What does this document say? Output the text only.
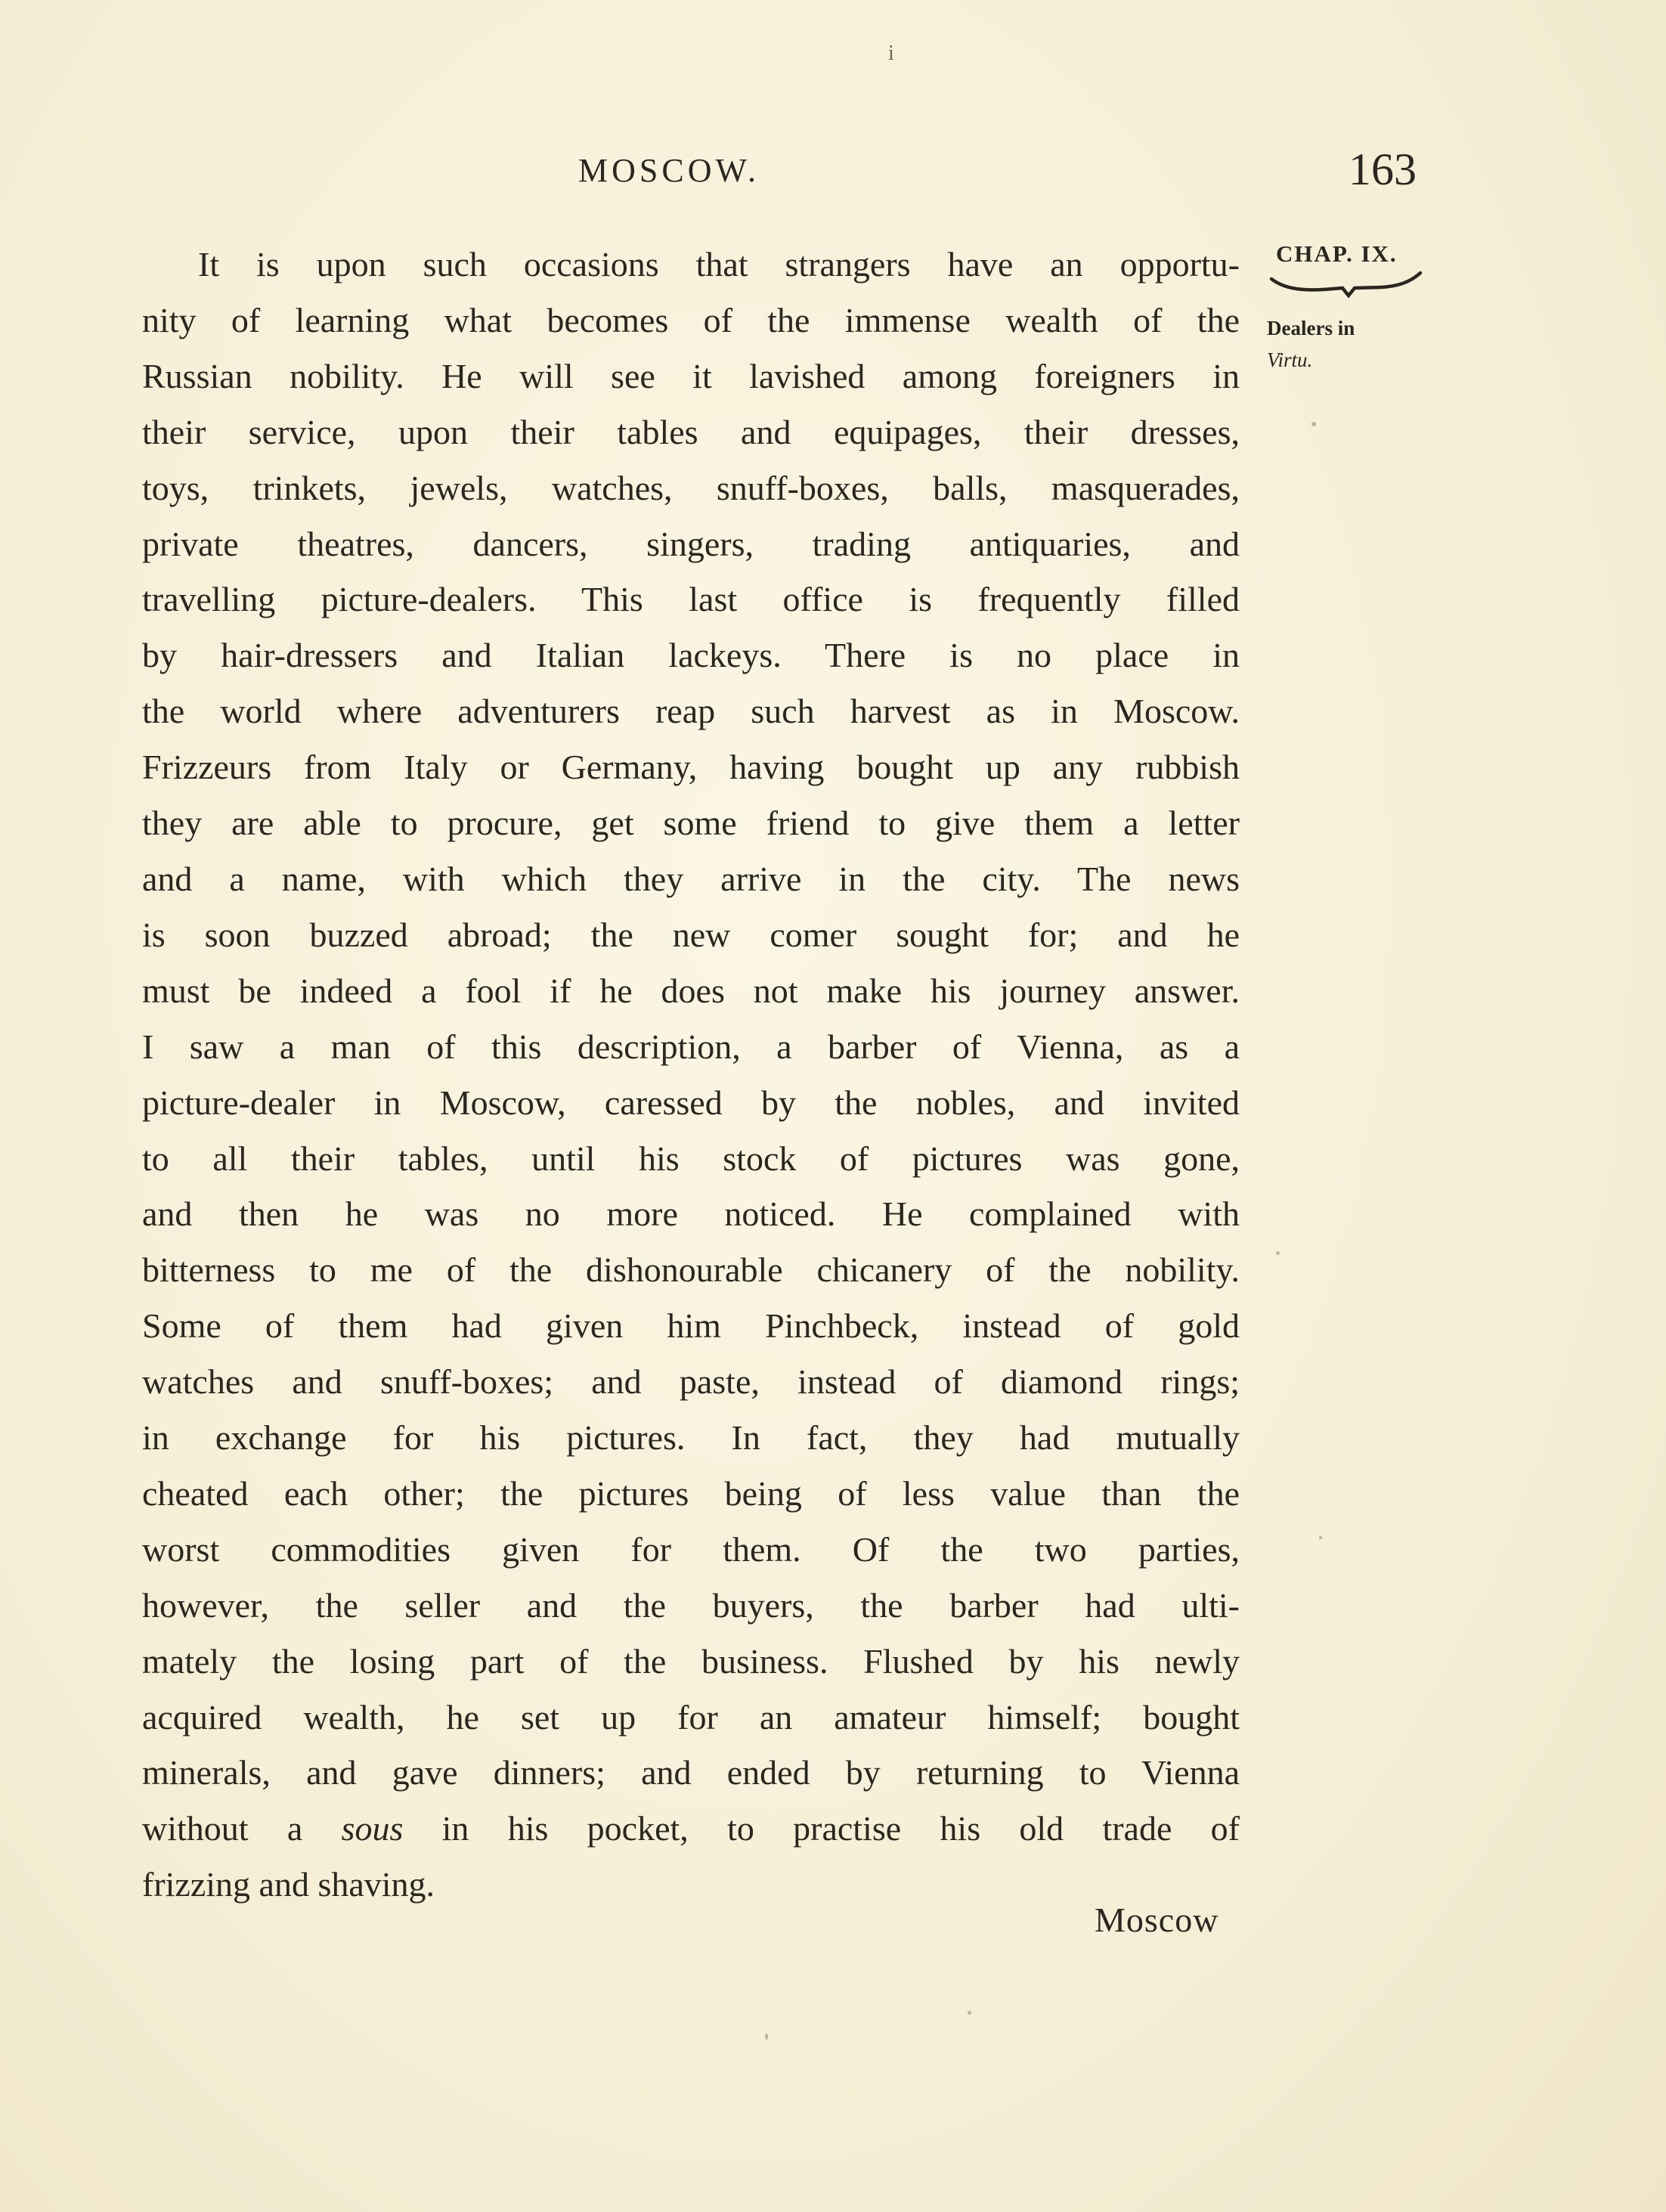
i
MOSCOW.	163
CHAP. IX.
Dealers in
Virtu.
It is upon such occasions that strangers have an opportu-
nity of learning what becomes of the immense wealth of the
Russian nobility. He will see it lavished among foreigners in
their service, upon their tables and equipages, their dresses,
toys, trinkets, jewels, watches, snuff-boxes, balls, masquerades,
private theatres, dancers, singers, trading antiquaries, and
travelling picture-dealers. This last office is frequently filled
by hair-dressers and Italian lackeys. There is no place in
the world where adventurers reap such harvest as in Moscow.
Frizzeurs from Italy or Germany, having bought up any rubbish
they are able to procure, get some friend to give them a letter
and a name, with which they arrive in the city. The news
is soon buzzed abroad; the new comer sought for; and he
must be indeed a fool if he does not make his journey answer.
I saw a man of this description, a barber of Vienna, as a
picture-dealer in Moscow, caressed by the nobles, and invited
to all their tables, until his stock of pictures was gone,
and then he was no more noticed. He complained with
bitterness to me of the dishonourable chicanery of the nobility.
Some of them had given him Pinchbeck, instead of gold
watches and snuff-boxes; and paste, instead of diamond rings;
in exchange for his pictures. In fact, they had mutually
cheated each other; the pictures being of less value than the
worst commodities given for them. Of the two parties,
however, the seller and the buyers, the barber had ulti-
mately the losing part of the business. Flushed by his newly
acquired wealth, he set up for an amateur himself; bought
minerals, and gave dinners; and ended by returning to Vienna
without a sous in his pocket, to practise his old trade of
frizzing and shaving.
Moscow
